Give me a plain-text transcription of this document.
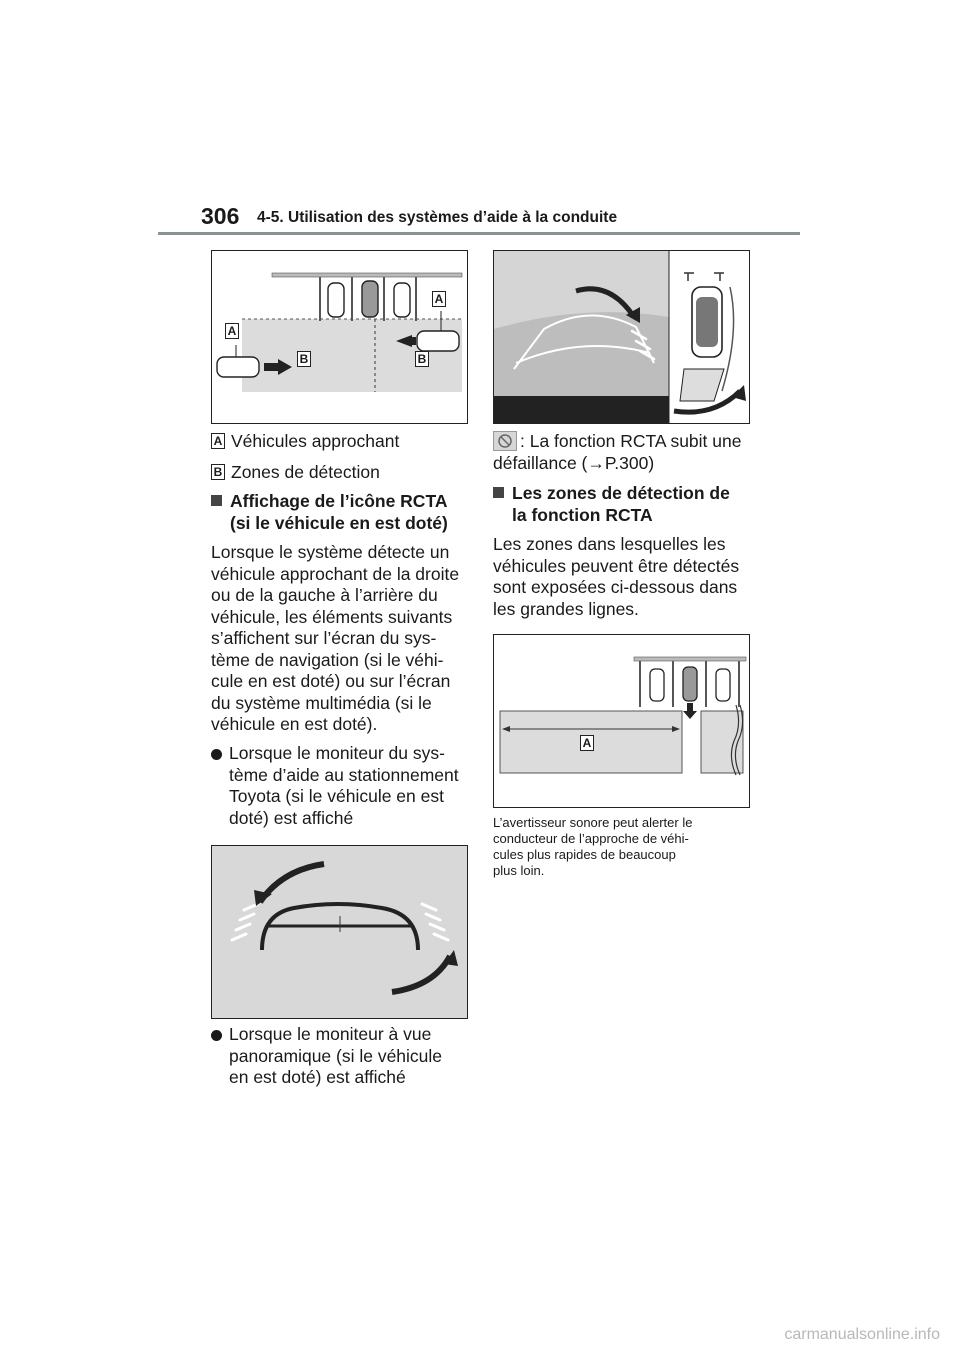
306 4-5. Utilisation des systèmes d’aide à la conduite
A
A
B	B
A Véhicules approchant
B Zones de détection
Affichage de l’icône RCTA
(si le véhicule en est doté)
Lorsque le système détecte un
véhicule approchant de la droite
ou de la gauche à l’arrière du
véhicule, les éléments suivants
s’affichent sur l’écran du sys-
tème de navigation (si le véhi-
cule en est doté) ou sur l’écran
du système multimédia (si le
véhicule en est doté).
Lorsque le moniteur du sys-
tème d’aide au stationnement
Toyota (si le véhicule en est
doté) est affiché
Lorsque le moniteur à vue
panoramique (si le véhicule
en est doté) est affiché
: La fonction RCTA subit une
défaillance (→P.300)
Les zones de détection de
la fonction RCTA
Les zones dans lesquelles les
véhicules peuvent être détectés
sont exposées ci-dessous dans
les grandes lignes.
A
L’avertisseur sonore peut alerter le
conducteur de l’approche de véhi-
cules plus rapides de beaucoup
plus loin.
carmanualsonline.info
